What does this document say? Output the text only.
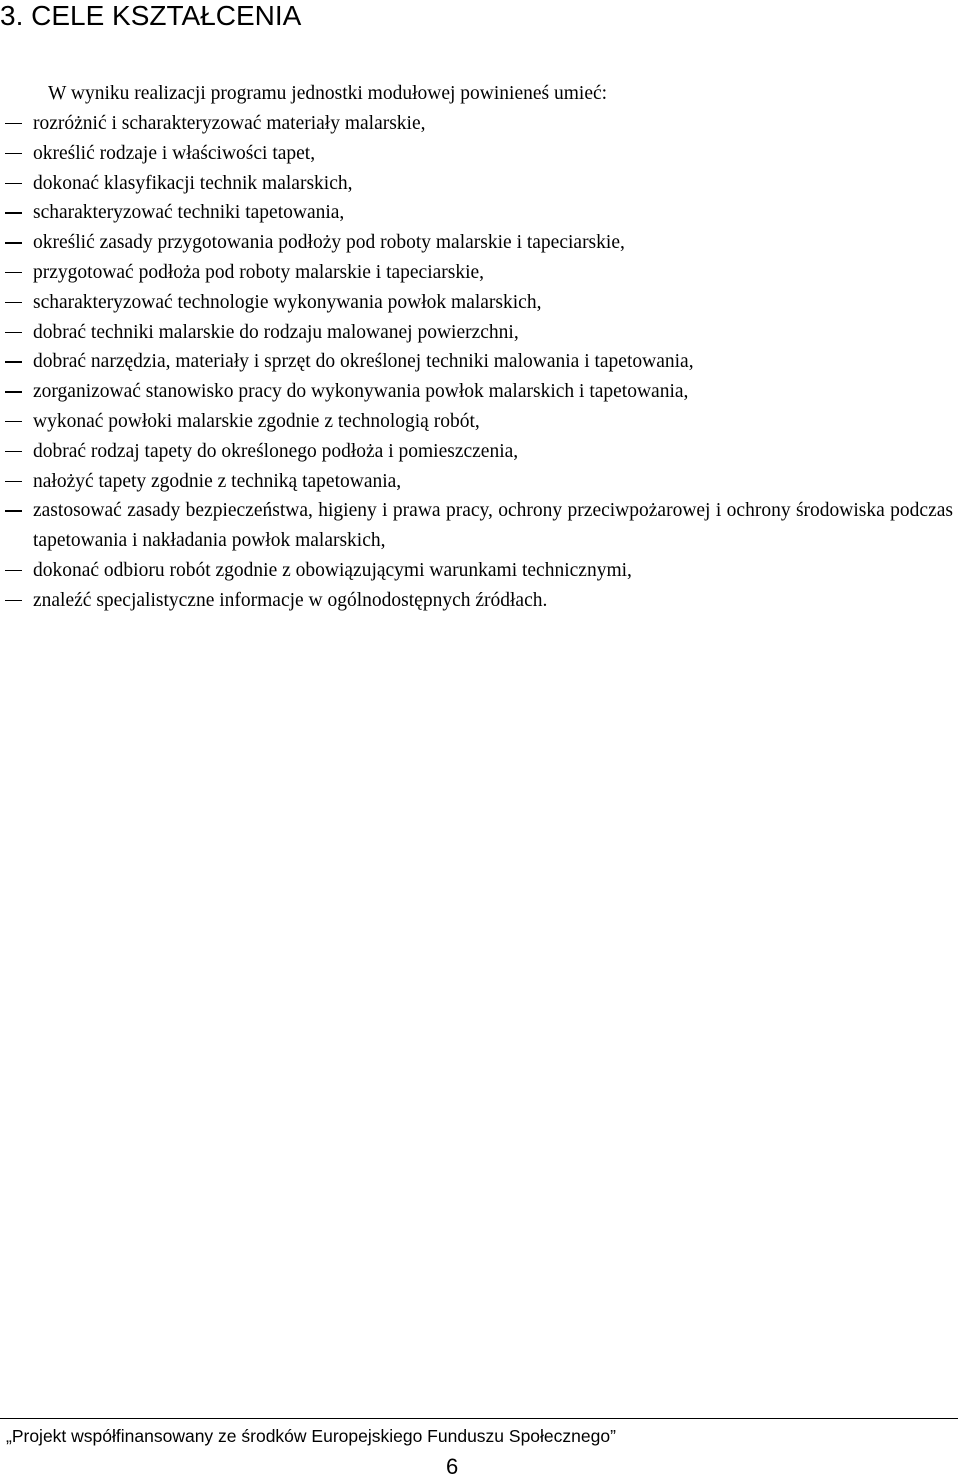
3. CELE KSZTAŁCENIA
W wyniku realizacji programu jednostki modułowej powinieneś umieć:
rozróżnić i scharakteryzować materiały malarskie,
określić rodzaje i właściwości tapet,
dokonać klasyfikacji technik malarskich,
scharakteryzować techniki tapetowania,
określić zasady przygotowania podłoży pod roboty malarskie i tapeciarskie,
przygotować podłoża pod roboty malarskie i tapeciarskie,
scharakteryzować technologie wykonywania powłok malarskich,
dobrać techniki malarskie do rodzaju malowanej powierzchni,
dobrać narzędzia, materiały i sprzęt do określonej techniki malowania i tapetowania,
zorganizować stanowisko pracy do wykonywania powłok malarskich i tapetowania,
wykonać powłoki malarskie zgodnie z technologią robót,
dobrać rodzaj tapety do określonego podłoża i pomieszczenia,
nałożyć tapety zgodnie z techniką tapetowania,
zastosować zasady bezpieczeństwa, higieny i prawa pracy, ochrony przeciwpożarowej i ochrony środowiska podczas tapetowania i nakładania powłok malarskich,
dokonać odbioru robót zgodnie z obowiązującymi warunkami technicznymi,
znaleźć specjalistyczne informacje w ogólnodostępnych źródłach.
„Projekt współfinansowany ze środków Europejskiego Funduszu Społecznego”
6
